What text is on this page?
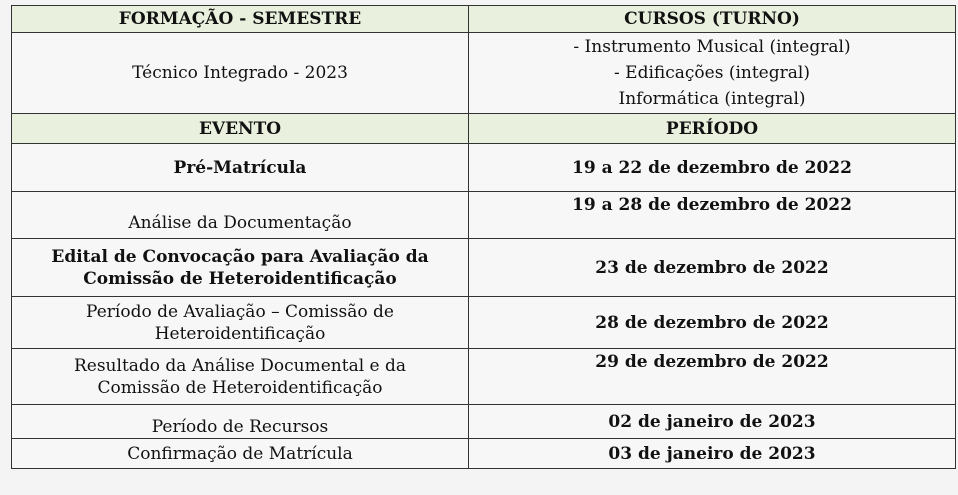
FORMAÇÃO - SEMESTRE	CURSOS (TURNO)
Técnico Integrado - 2023	- Instrumento Musical (integral)
- Edificações (integral)
Informática (integral)

EVENTO	PERÍODO
Pré-Matrícula	19 a 22 de dezembro de 2022
Análise da Documentação	19 a 28 de dezembro de 2022
Edital de Convocação para Avaliação da Comissão de Heteroidentificação	23 de dezembro de 2022
Período de Avaliação – Comissão de Heteroidentificação	28 de dezembro de 2022
Resultado da Análise Documental e da Comissão de Heteroidentificação	29 de dezembro de 2022
Período de Recursos	02 de janeiro de 2023
Confirmação de Matrícula	03 de janeiro de 2023
